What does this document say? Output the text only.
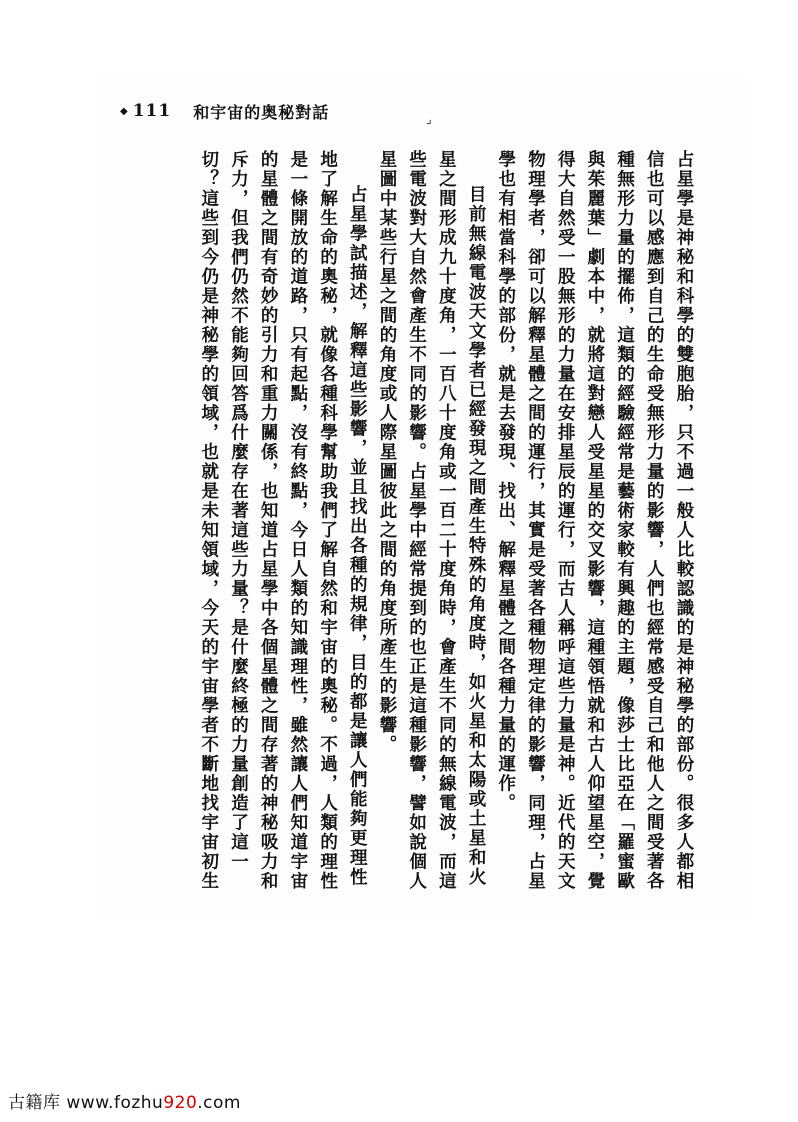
◆ 111 和宇宙的奥秘對話	⌟

占星學是神秘和科學的雙胞胎，只不過一般人比較認識的是神秘學的部份。很多人都相信也可以感應到自己的生命受無形力量的影響，人們也經常感受自己和他人之間受著各種無形力量的擺佈，這類的經驗經常是藝術家較有興趣的主題，像莎士比亞在「羅蜜歐與茱麗葉」劇本中，就將這對戀人受星星的交叉影響，這種領悟就和古人仰望星空，覺得大自然受一股無形的力量在安排星辰的運行，而古人稱呼這些力量是神。近代的天文物理學者，卻可以解釋星體之間的運行，其實是受著各種物理定律的影響，同理，占星學也有相當科學的部份，就是去發現、找出、解釋星體之間各種力量的運作。

目前無線電波天文學者已經發現之間產生特殊的角度時，如火星和太陽或土星和火星之間形成九十度角，一百八十度角或一百二十度角時，會產生不同的無線電波，而這些電波對大自然會產生不同的影響。占星學中經常提到的也正是這種影響，譬如說個人星圖中某些行星之間的角度或人際星圖彼此之間的角度所產生的影響。

占星學試描述，解釋這些影響，並且找出各種的規律，目的都是讓人們能夠更理性地了解生命的奧秘，就像各種科學幫助我們了解自然和宇宙的奧秘。不過，人類的理性是一條開放的道路，只有起點，沒有終點，今日人類的知識理性，雖然讓人們知道宇宙的星體之間有奇妙的引力和重力關係，也知道占星學中各個星體之間存著的神秘吸力和斥力，但我們仍然不能夠回答爲什麼存在著這些力量？是什麼終極的力量創造了這一切？這些到今仍是神秘學的領域，也就是未知領域，今天的宇宙學者不斷地找宇宙初生

古籍库 www.fozhu920.com
